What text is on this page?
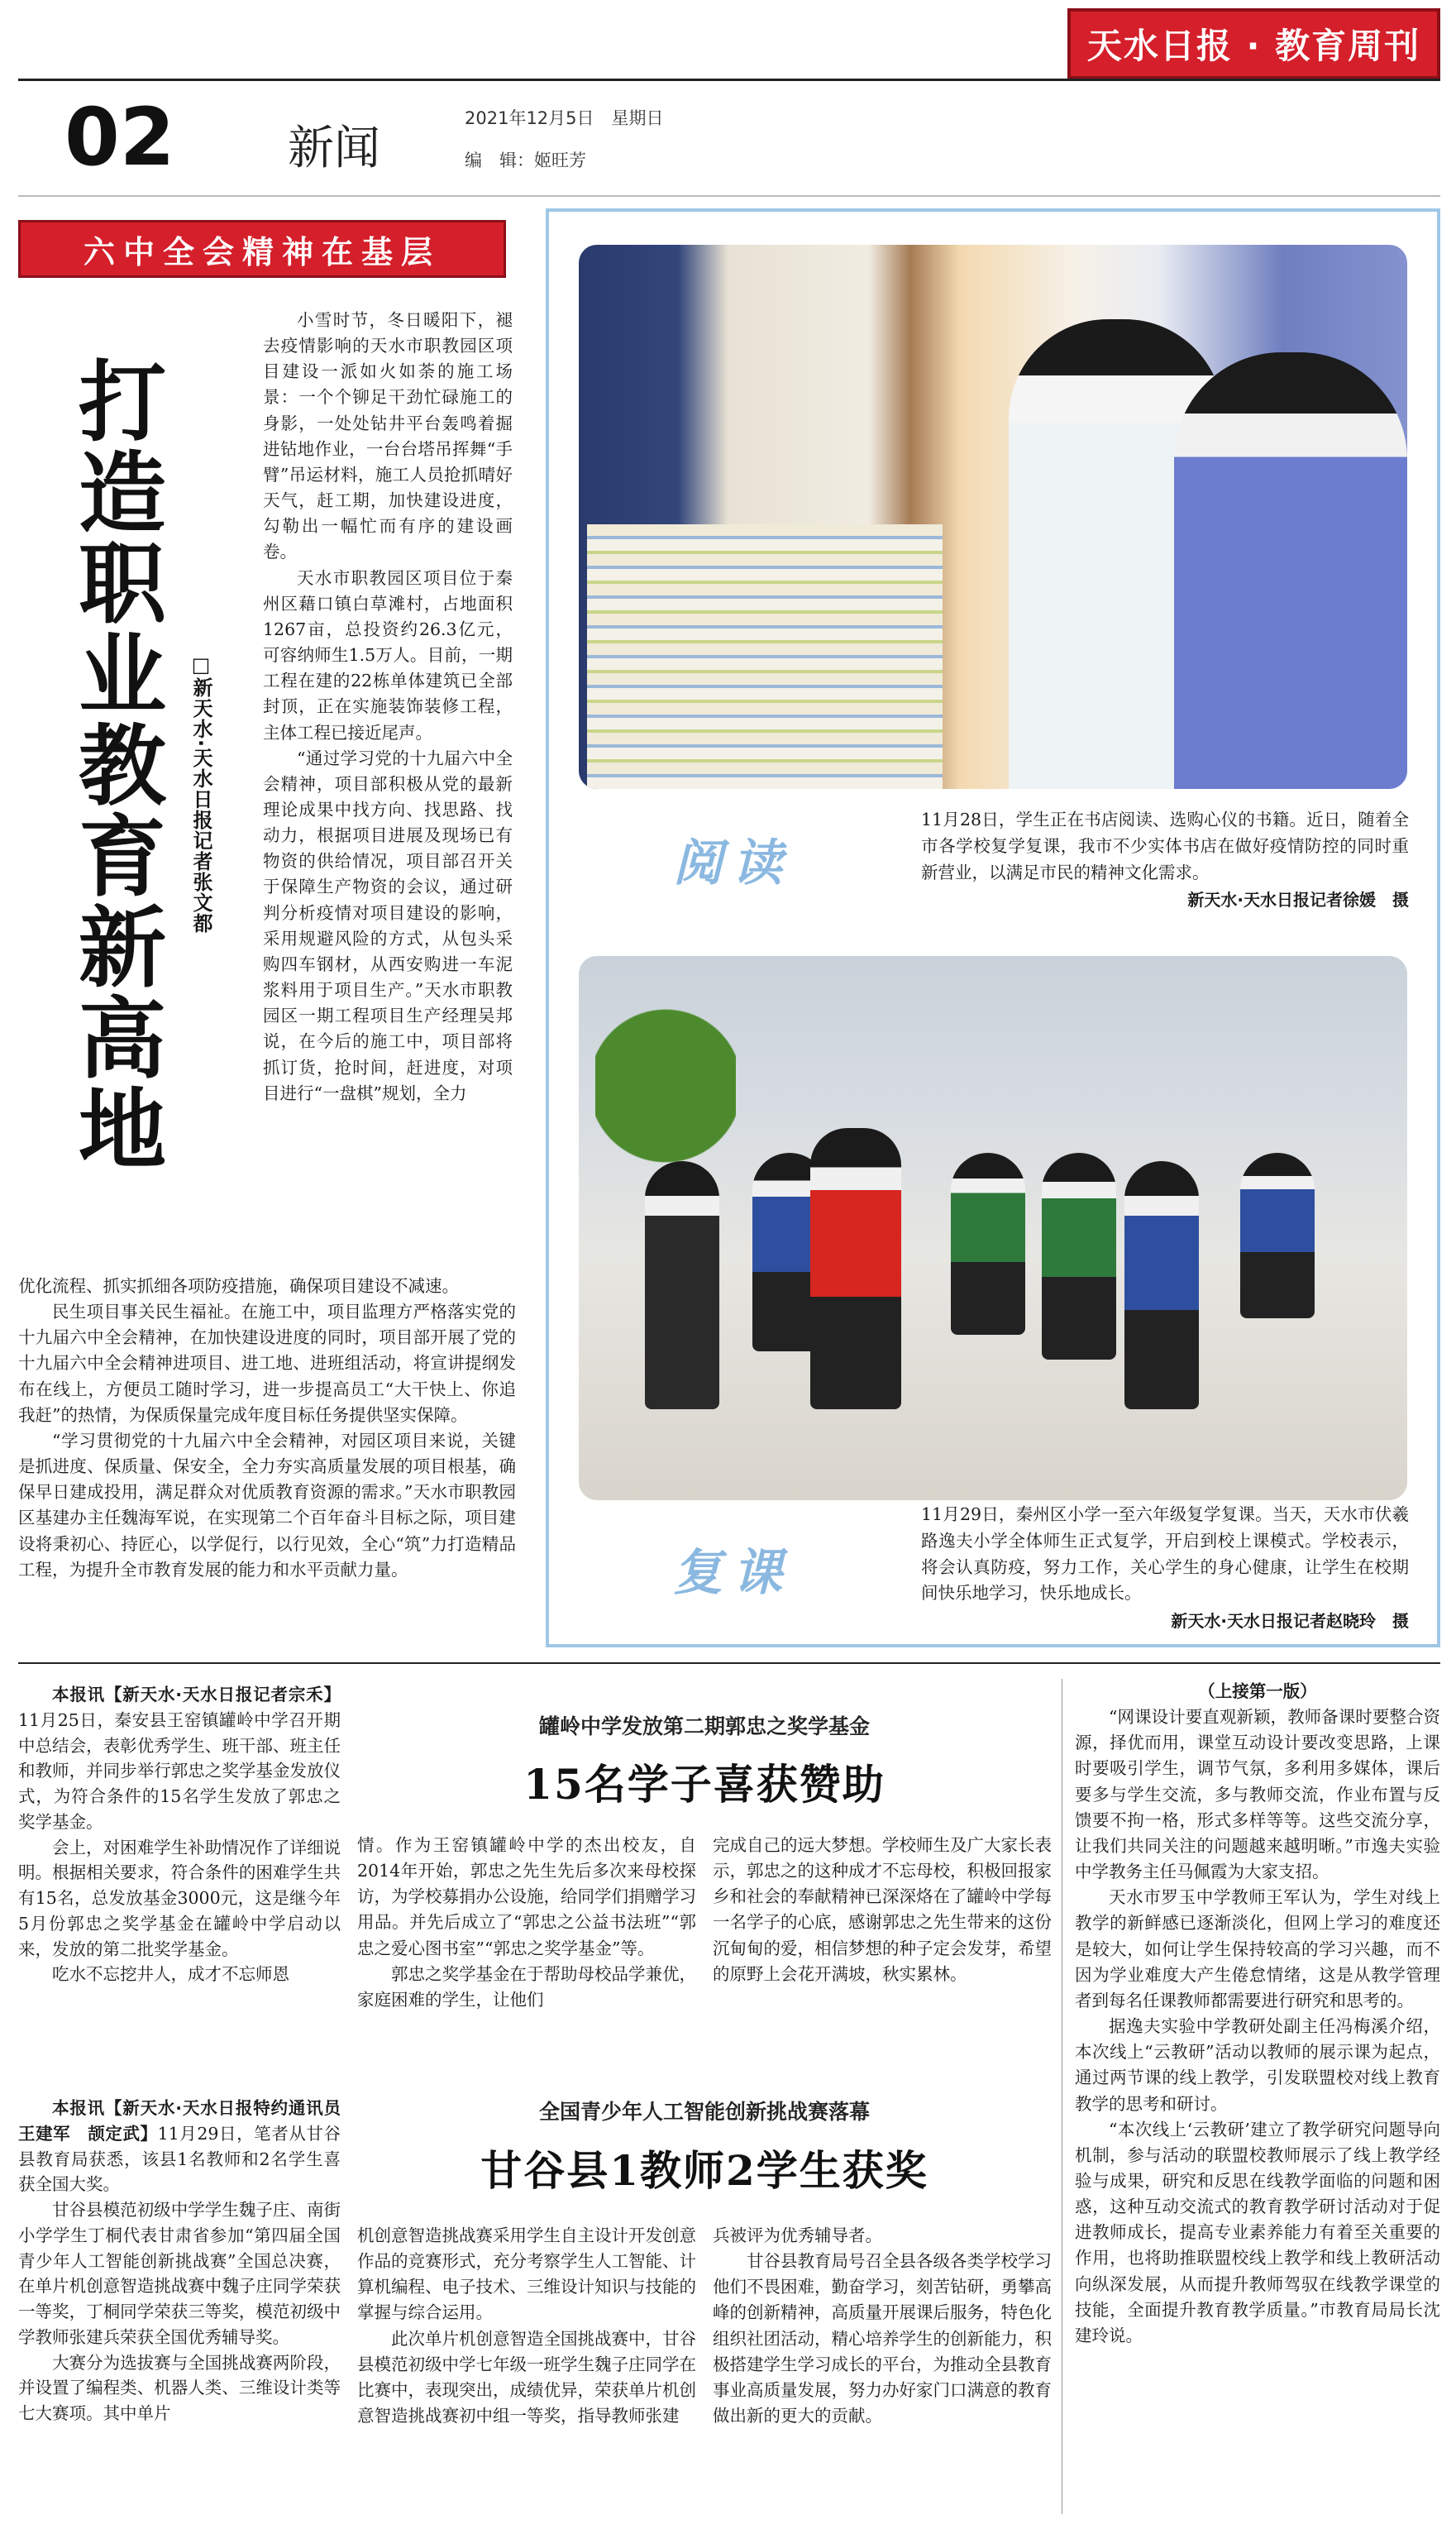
天水日报 · 教育周刊
02 新闻
2021年12月5日　星期日
编　辑：姬旺芳
六中全会精神在基层
打造职业教育新高地 □新天水·天水日报记者张文都

小雪时节，冬日暖阳下，褪去疫情影响的天水市职教园区项目建设一派如火如荼的施工场景：一个个铆足干劲忙碌施工的身影，一处处钻井平台轰鸣着掘进钻地作业，一台台塔吊挥舞“手臂”吊运材料，施工人员抢抓晴好天气，赶工期，加快建设进度，勾勒出一幅忙而有序的建设画卷。

天水市职教园区项目位于秦州区藉口镇白草滩村，占地面积1267亩，总投资约26.3亿元，可容纳师生1.5万人。目前，一期工程在建的22栋单体建筑已全部封顶，正在实施装饰装修工程，主体工程已接近尾声。

“通过学习党的十九届六中全会精神，项目部积极从党的最新理论成果中找方向、找思路、找动力，根据项目进展及现场已有物资的供给情况，项目部召开关于保障生产物资的会议，通过研判分析疫情对项目建设的影响，采用规避风险的方式，从包头采购四车钢材，从西安购进一车泥浆料用于项目生产。”天水市职教园区一期工程项目生产经理吴邦说，在今后的施工中，项目部将抓订货，抢时间，赶进度，对项目进行“一盘棋”规划，全力

优化流程、抓实抓细各项防疫措施，确保项目建设不减速。

民生项目事关民生福祉。在施工中，项目监理方严格落实党的十九届六中全会精神，在加快建设进度的同时，项目部开展了党的十九届六中全会精神进项目、进工地、进班组活动，将宣讲提纲发布在线上，方便员工随时学习，进一步提高员工“大干快上、你追我赶”的热情，为保质保量完成年度目标任务提供坚实保障。

“学习贯彻党的十九届六中全会精神，对园区项目来说，关键是抓进度、保质量、保安全，全力夯实高质量发展的项目根基，确保早日建成投用，满足群众对优质教育资源的需求。”天水市职教园区基建办主任魏海军说，在实现第二个百年奋斗目标之际，项目建设将秉初心、持匠心，以学促行，以行见效，全心“筑”力打造精品工程，为提升全市教育发展的能力和水平贡献力量。

阅读
11月28日，学生正在书店阅读、选购心仪的书籍。近日，随着全市各学校复学复课，我市不少实体书店在做好疫情防控的同时重新营业，以满足市民的精神文化需求。
新天水·天水日报记者徐媛　摄
复课
11月29日，秦州区小学一至六年级复学复课。当天，天水市伏羲路逸夫小学全体师生正式复学，开启到校上课模式。学校表示，将会认真防疫，努力工作，关心学生的身心健康，让学生在校期间快乐地学习，快乐地成长。
新天水·天水日报记者赵晓玲　摄

本报讯【新天水·天水日报记者宗禾】11月25日，秦安县王窑镇罐岭中学召开期中总结会，表彰优秀学生、班干部、班主任和教师，并同步举行郭忠之奖学基金发放仪式，为符合条件的15名学生发放了郭忠之奖学基金。

会上，对困难学生补助情况作了详细说明。根据相关要求，符合条件的困难学生共有15名，总发放基金3000元，这是继今年5月份郭忠之奖学基金在罐岭中学启动以来，发放的第二批奖学基金。

吃水不忘挖井人，成才不忘师恩

罐岭中学发放第二期郭忠之奖学基金
15名学子喜获赞助

情。作为王窑镇罐岭中学的杰出校友，自2014年开始，郭忠之先生先后多次来母校探访，为学校募捐办公设施，给同学们捐赠学习用品。并先后成立了“郭忠之公益书法班”“郭忠之爱心图书室”“郭忠之奖学基金”等。

郭忠之奖学基金在于帮助母校品学兼优，家庭困难的学生，让他们

完成自己的远大梦想。学校师生及广大家长表示，郭忠之的这种成才不忘母校，积极回报家乡和社会的奉献精神已深深烙在了罐岭中学每一名学子的心底，感谢郭忠之先生带来的这份沉甸甸的爱，相信梦想的种子定会发芽，希望的原野上会花开满坡，秋实累林。

本报讯【新天水·天水日报特约通讯员王建军　颉定武】11月29日，笔者从甘谷县教育局获悉，该县1名教师和2名学生喜获全国大奖。

甘谷县模范初级中学学生魏子庄、南街小学学生丁桐代表甘肃省参加“第四届全国青少年人工智能创新挑战赛”全国总决赛，在单片机创意智造挑战赛中魏子庄同学荣获一等奖，丁桐同学荣获三等奖，模范初级中学教师张建兵荣获全国优秀辅导奖。

大赛分为选拔赛与全国挑战赛两阶段，并设置了编程类、机器人类、三维设计类等七大赛项。其中单片

全国青少年人工智能创新挑战赛落幕
甘谷县1教师2学生获奖

机创意智造挑战赛采用学生自主设计开发创意作品的竞赛形式，充分考察学生人工智能、计算机编程、电子技术、三维设计知识与技能的掌握与综合运用。

此次单片机创意智造全国挑战赛中，甘谷县模范初级中学七年级一班学生魏子庄同学在比赛中，表现突出，成绩优异，荣获单片机创意智造挑战赛初中组一等奖，指导教师张建

兵被评为优秀辅导者。

甘谷县教育局号召全县各级各类学校学习他们不畏困难，勤奋学习，刻苦钻研，勇攀高峰的创新精神，高质量开展课后服务，特色化组织社团活动，精心培养学生的创新能力，积极搭建学生学习成长的平台，为推动全县教育事业高质量发展，努力办好家门口满意的教育做出新的更大的贡献。

（上接第一版）

“网课设计要直观新颖，教师备课时要整合资源，择优而用，课堂互动设计要改变思路，上课时要吸引学生，调节气氛，多利用多媒体，课后要多与学生交流，多与教师交流，作业布置与反馈要不拘一格，形式多样等等。这些交流分享，让我们共同关注的问题越来越明晰。”市逸夫实验中学教务主任马佩霞为大家支招。

天水市罗玉中学教师王军认为，学生对线上教学的新鲜感已逐渐淡化，但网上学习的难度还是较大，如何让学生保持较高的学习兴趣，而不因为学业难度大产生倦怠情绪，这是从教学管理者到每名任课教师都需要进行研究和思考的。

据逸夫实验中学教研处副主任冯梅溪介绍，本次线上“云教研”活动以教师的展示课为起点，通过两节课的线上教学，引发联盟校对线上教育教学的思考和研讨。

“本次线上‘云教研’建立了教学研究问题导向机制，参与活动的联盟校教师展示了线上教学经验与成果，研究和反思在线教学面临的问题和困惑，这种互动交流式的教育教学研讨活动对于促进教师成长，提高专业素养能力有着至关重要的作用，也将助推联盟校线上教学和线上教研活动向纵深发展，从而提升教师驾驭在线教学课堂的技能，全面提升教育教学质量。”市教育局局长沈建玲说。
